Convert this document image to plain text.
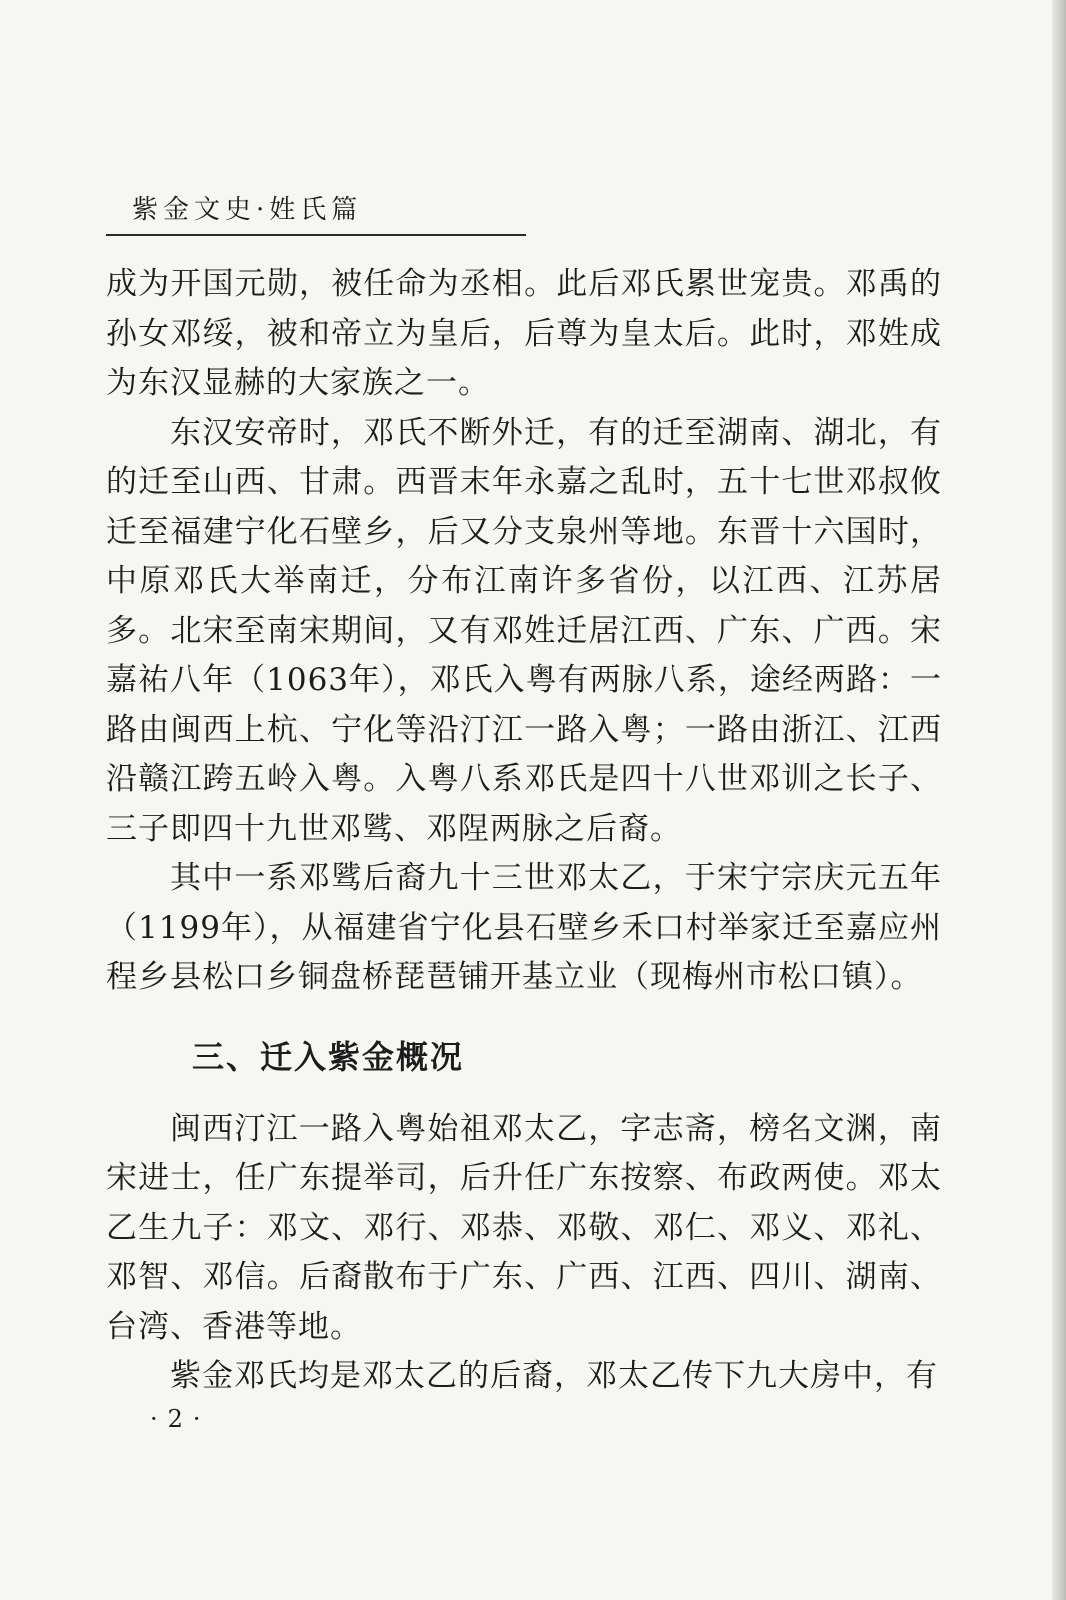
紫金文史·姓氏篇

成为开国元勋，被任命为丞相。此后邓氏累世宠贵。邓禹的孙女邓绥，被和帝立为皇后，后尊为皇太后。此时，邓姓成为东汉显赫的大家族之一。

东汉安帝时，邓氏不断外迁，有的迁至湖南、湖北，有的迁至山西、甘肃。西晋末年永嘉之乱时，五十七世邓叔攸迁至福建宁化石壁乡，后又分支泉州等地。东晋十六国时，中原邓氏大举南迁，分布江南许多省份，以江西、江苏居多。北宋至南宋期间，又有邓姓迁居江西、广东、广西。宋嘉祐八年（1063年），邓氏入粤有两脉八系，途经两路：一路由闽西上杭、宁化等沿汀江一路入粤；一路由浙江、江西沿赣江跨五岭入粤。入粤八系邓氏是四十八世邓训之长子、三子即四十九世邓骘、邓陧两脉之后裔。

其中一系邓骘后裔九十三世邓太乙，于宋宁宗庆元五年（1199年），从福建省宁化县石壁乡禾口村举家迁至嘉应州程乡县松口乡铜盘桥琵琶铺开基立业（现梅州市松口镇）。

三、迁入紫金概况

闽西汀江一路入粤始祖邓太乙，字志斋，榜名文渊，南宋进士，任广东提举司，后升任广东按察、布政两使。邓太乙生九子：邓文、邓行、邓恭、邓敬、邓仁、邓义、邓礼、邓智、邓信。后裔散布于广东、广西、江西、四川、湖南、台湾、香港等地。

紫金邓氏均是邓太乙的后裔，邓太乙传下九大房中，有

·2·
